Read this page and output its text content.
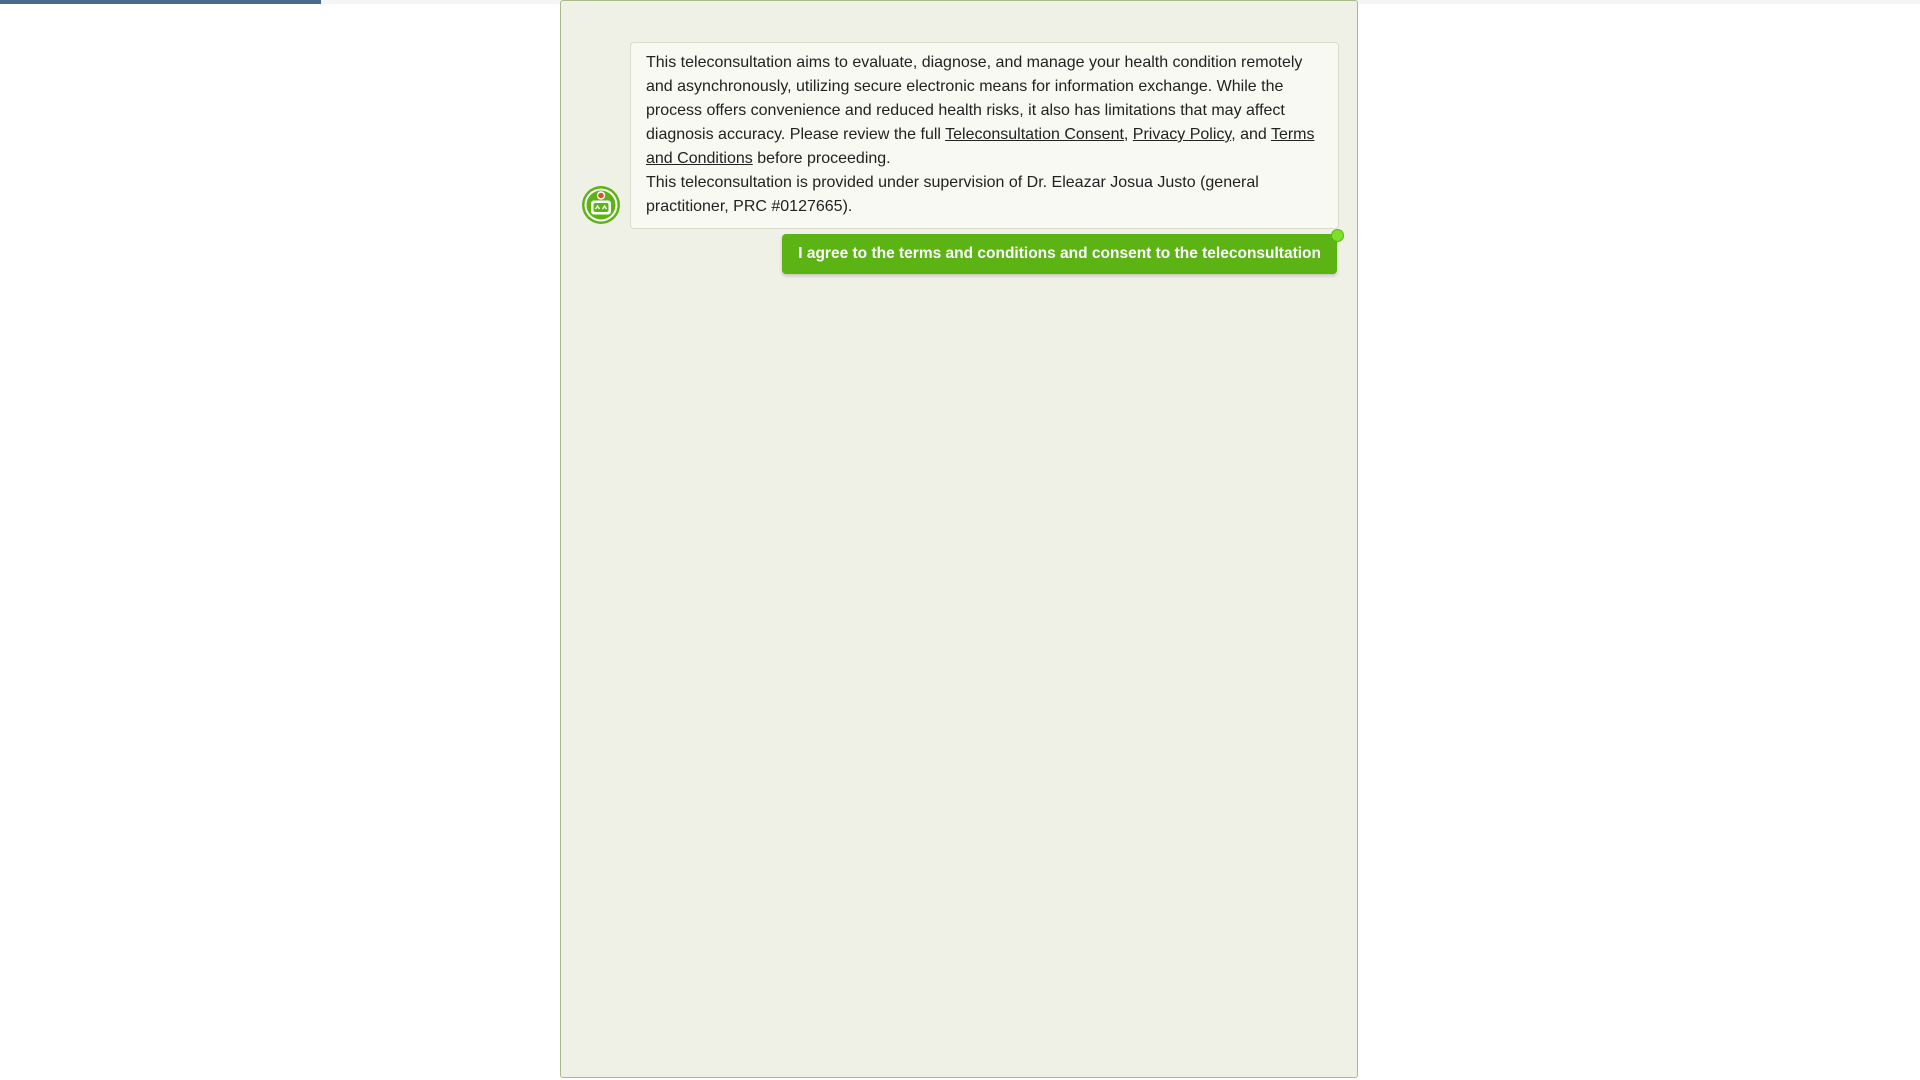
This teleconsultation aims to evaluate, diagnose, and manage your health condition remotely and asynchronously, utilizing secure electronic means for information exchange. While the process offers convenience and reduced health risks, it also has limitations that may affect diagnosis accuracy. Please review the full Teleconsultation Consent, Privacy Policy, and Terms and Conditions before proceeding.

This teleconsultation is provided under supervision of Dr. Eleazar Josua Justo (general practitioner, PRC #0127665).

I agree to the terms and conditions and consent to the teleconsultation
